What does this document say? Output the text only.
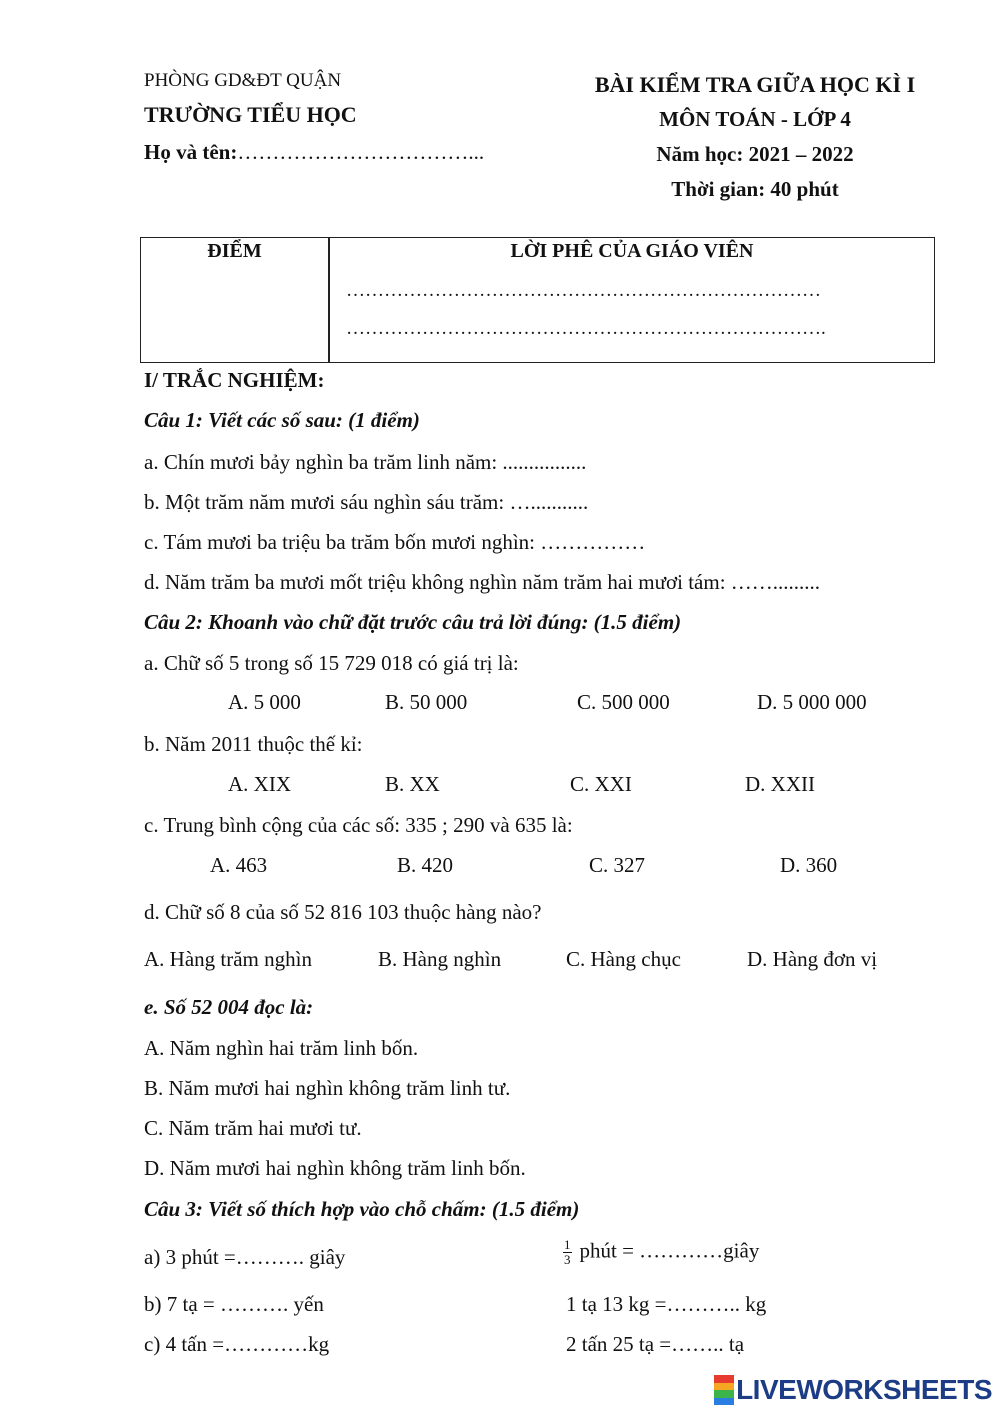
PHÒNG GD&ĐT QUẬN
TRƯỜNG TIỂU HỌC
Họ và tên:……………………………...
BÀI KIỂM TRA GIỮA HỌC KÌ I
MÔN TOÁN - LỚP 4
Năm học: 2021 – 2022
Thời gian: 40 phút
ĐIỂM	LỜI PHÊ CỦA GIÁO VIÊN
…………………………………………………………………
………………………………………………………………….
I/ TRẮC NGHIỆM:
Câu 1: Viết các số sau: (1 điểm)
a. Chín mươi bảy nghìn ba trăm linh năm: ................
b. Một trăm năm mươi sáu nghìn sáu trăm: …...........
c. Tám mươi ba triệu ba trăm bốn mươi nghìn: ……………
d. Năm trăm ba mươi mốt triệu không nghìn năm trăm hai mươi tám: …….........
Câu 2: Khoanh vào chữ đặt trước câu trả lời đúng: (1.5 điểm)
a. Chữ số 5 trong số 15 729 018 có giá trị là:
A. 5 000	B. 50 000	C. 500 000	D. 5 000 000
b. Năm 2011 thuộc thế kỉ:
A. XIX	B. XX	C. XXI	D. XXII
c. Trung bình cộng của các số: 335 ; 290 và 635 là:
A. 463	B. 420	C. 327	D. 360
d. Chữ số 8 của số 52 816 103 thuộc hàng nào?
A. Hàng trăm nghìn	B. Hàng nghìn	C. Hàng chục	D. Hàng đơn vị
e. Số 52 004 đọc là:
A. Năm nghìn hai trăm linh bốn.
B. Năm mươi hai nghìn không trăm linh tư.
C. Năm trăm hai mươi tư.
D. Năm mươi hai nghìn không trăm linh bốn.
Câu 3: Viết số thích hợp vào chỗ chấm: (1.5 điểm)
a) 3 phút =………. giây	$\frac{1}{3}$ phút = …………giây
b) 7 tạ = ………. yến	1 tạ 13 kg =……….. kg
c) 4 tấn =…………kg	2 tấn 25 tạ =…….. tạ
LIVEWORKSHEETS
